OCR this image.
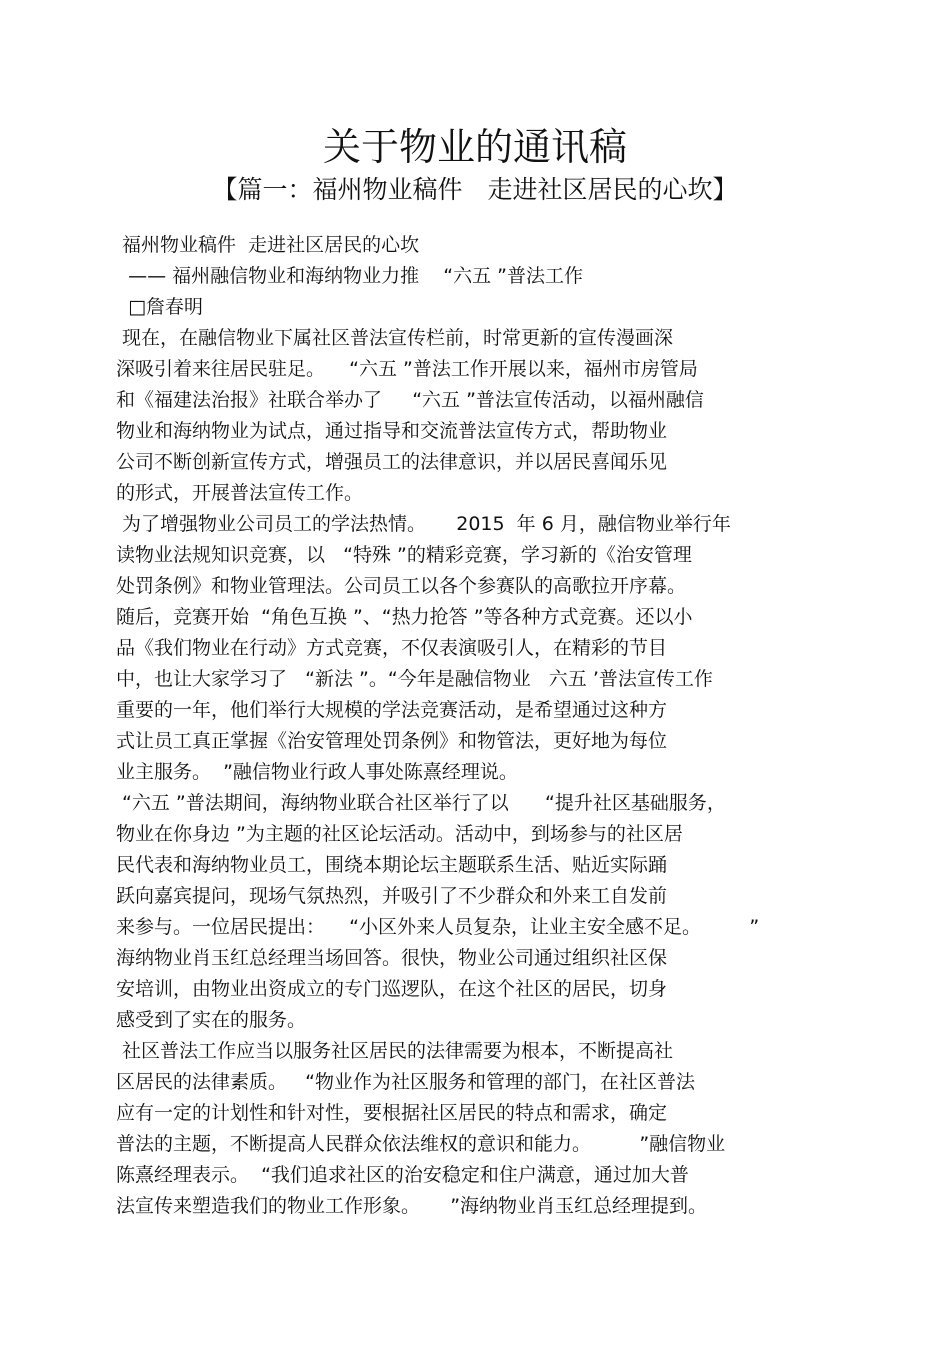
关于物业的通讯稿
【篇一：福州物业稿件　走进社区居民的心坎】
福州物业稿件  走进社区居民的心坎
—— 福州融信物业和海纳物业力推    “六五 ”普法工作
□詹春明
现在，在融信物业下属社区普法宣传栏前，时常更新的宣传漫画深
深吸引着来往居民驻足。    “六五 ”普法工作开展以来，福州市房管局
和《福建法治报》社联合举办了     “六五 ”普法宣传活动，以福州融信
物业和海纳物业为试点，通过指导和交流普法宣传方式，帮助物业
公司不断创新宣传方式，增强员工的法律意识，并以居民喜闻乐见
的形式，开展普法宣传工作。
为了增强物业公司员工的学法热情。     2015  年 6 月，融信物业举行年
读物业法规知识竞赛，以   “特殊 ”的精彩竞赛，学习新的《治安管理
处罚条例》和物业管理法。公司员工以各个参赛队的高歌拉开序幕。
随后，竞赛开始  “角色互换 ”、“热力抢答 ”等各种方式竞赛。还以小
品《我们物业在行动》方式竞赛，不仅表演吸引人，在精彩的节目
中，也让大家学习了   “新法 ”。“今年是融信物业   六五 ’普法宣传工作
重要的一年，他们举行大规模的学法竞赛活动，是希望通过这种方
式让员工真正掌握《治安管理处罚条例》和物管法，更好地为每位
业主服务。  ”融信物业行政人事处陈熹经理说。
“六五 ”普法期间，海纳物业联合社区举行了以      “提升社区基础服务，
物业在你身边 ”为主题的社区论坛活动。活动中，到场参与的社区居
民代表和海纳物业员工，围绕本期论坛主题联系生活、贴近实际踊
跃向嘉宾提问，现场气氛热烈，并吸引了不少群众和外来工自发前
来参与。一位居民提出：    “小区外来人员复杂，让业主安全感不足。        ”
海纳物业肖玉红总经理当场回答。很快，物业公司通过组织社区保
安培训，由物业出资成立的专门巡逻队，在这个社区的居民，切身
感受到了实在的服务。
社区普法工作应当以服务社区居民的法律需要为根本，不断提高社
区居民的法律素质。   “物业作为社区服务和管理的部门，在社区普法
应有一定的计划性和针对性，要根据社区居民的特点和需求，确定
普法的主题，不断提高人民群众依法维权的意识和能力。        ”融信物业
陈熹经理表示。  “我们追求社区的治安稳定和住户满意，通过加大普
法宣传来塑造我们的物业工作形象。     ”海纳物业肖玉红总经理提到。
